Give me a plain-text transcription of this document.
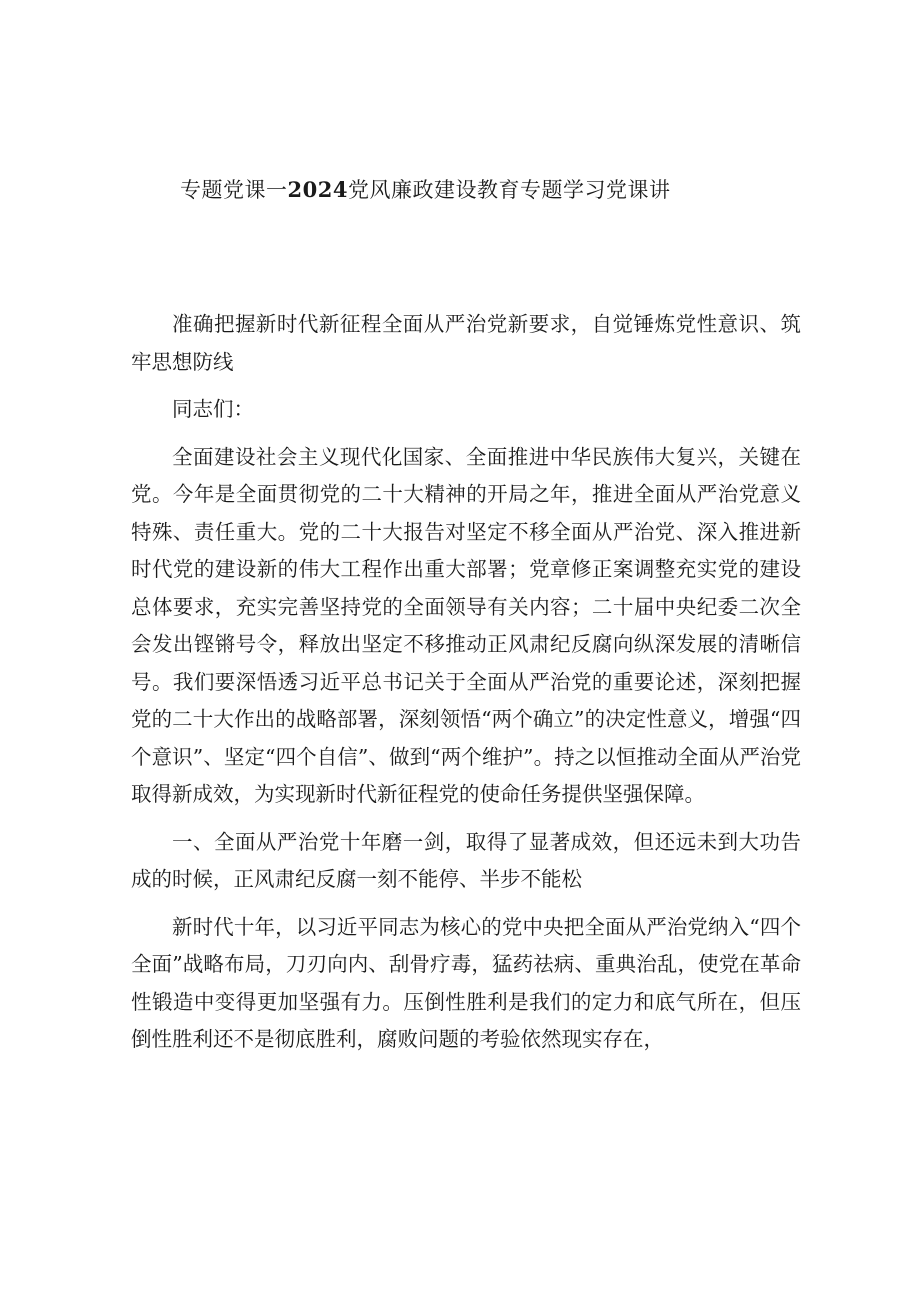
专题党课一2024党风廉政建设教育专题学习党课讲

准确把握新时代新征程全面从严治党新要求，自觉锤炼党性意识、筑牢思想防线

同志们：

全面建设社会主义现代化国家、全面推进中华民族伟大复兴，关键在党。今年是全面贯彻党的二十大精神的开局之年，推进全面从严治党意义特殊、责任重大。党的二十大报告对坚定不移全面从严治党、深入推进新时代党的建设新的伟大工程作出重大部署；党章修正案调整充实党的建设总体要求，充实完善坚持党的全面领导有关内容；二十届中央纪委二次全会发出铿锵号令，释放出坚定不移推动正风肃纪反腐向纵深发展的清晰信号。我们要深悟透习近平总书记关于全面从严治党的重要论述，深刻把握党的二十大作出的战略部署，深刻领悟“两个确立”的决定性意义，增强“四个意识”、坚定“四个自信”、做到“两个维护”。持之以恒推动全面从严治党取得新成效，为实现新时代新征程党的使命任务提供坚强保障。

一、全面从严治党十年磨一剑，取得了显著成效，但还远未到大功告成的时候，正风肃纪反腐一刻不能停、半步不能松

新时代十年，以习近平同志为核心的党中央把全面从严治党纳入“四个全面”战略布局，刀刃向内、刮骨疗毒，猛药祛病、重典治乱，使党在革命性锻造中变得更加坚强有力。压倒性胜利是我们的定力和底气所在，但压倒性胜利还不是彻底胜利，腐败问题的考验依然现实存在，
